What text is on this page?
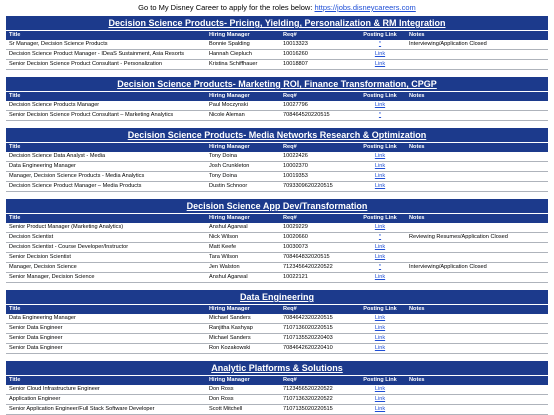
Go to My Disney Career to apply for the roles below: https://jobs.disneycareers.com
Decision Science Products- Pricing, Yielding, Personalization & RM Integration
Title	Hiring Manager	Req#	Posting Link	Notes
Sr Manager, Decision Science Products	Bonnie Spalding	10013323	*	Interviewing/Application Closed
Decision Science Product Manager - IDeaS Sustainment, Asia Resorts	Hannah Ciepluch	10016260	Link
Senior Decision Science Product Consultant - Personalization	Kristina Schiffhauer	10018807	Link
Decision Science Products- Marketing ROI, Finance Transformation, CPGP
Title	Hiring Manager	Req#	Posting Link	Notes
Decision Science Products Manager	Paul Moczynski	10027796	Link
Senior Decision Science Product Consultant – Marketing Analytics	Nicole Aleman	708464520220515	*
Decision Science Products- Media Networks Research & Optimization
Title	Hiring Manager	Req#	Posting Link	Notes
Decision Science Data Analyst - Media	Tony Doina	10022426	Link
Data Engineering Manager	Josh Crunkleton	10002370	Link
Manager, Decision Science Products - Media Analytics	Tony Doina	10019353	Link
Decision Science Product Manager – Media Products	Dustin Schnoor	7093309620220515	Link
Decision Science App Dev/Transformation
Title	Hiring Manager	Req#	Posting Link	Notes
Senior Product Manager (Marketing Analytics)	Anshul Agarwal	10029229	Link
Decision Scientist	Nick Wilson	10020660	*	Reviewing Resumes/Application Closed
Decision Scientist - Course Developer/Instructor	Matt Keefe	10030073	Link
Senior Decision Scientist	Tara Wilson	708464832020515	Link
Manager, Decision Science	Jen Walston	7123456420220522	*	Interviewing/Application Closed
Senior Manager, Decision Science	Anshul Agarwal	10022121	Link
Data Engineering
Title	Hiring Manager	Req#	Posting Link	Notes
Data Engineering Manager	Michael Sanders	7084642320220515	Link
Senior Data Engineer	Ranjitha Kashyap	7107136020220515	Link
Senior Data Engineer	Michael Sanders	7107135520220403	Link
Senior Data Engineer	Ron Kozakowski	7084642620220410	Link
Analytic Platforms & Solutions
Title	Hiring Manager	Req#	Posting Link	Notes
Senior Cloud Infrastructure Engineer	Don Ross	7123456520220522	Link
Application Engineer	Don Ross	7107136320220522	Link
Senior Application Engineer/Full Stack Software Developer	Scott Mitchell	7107135020220515	Link
